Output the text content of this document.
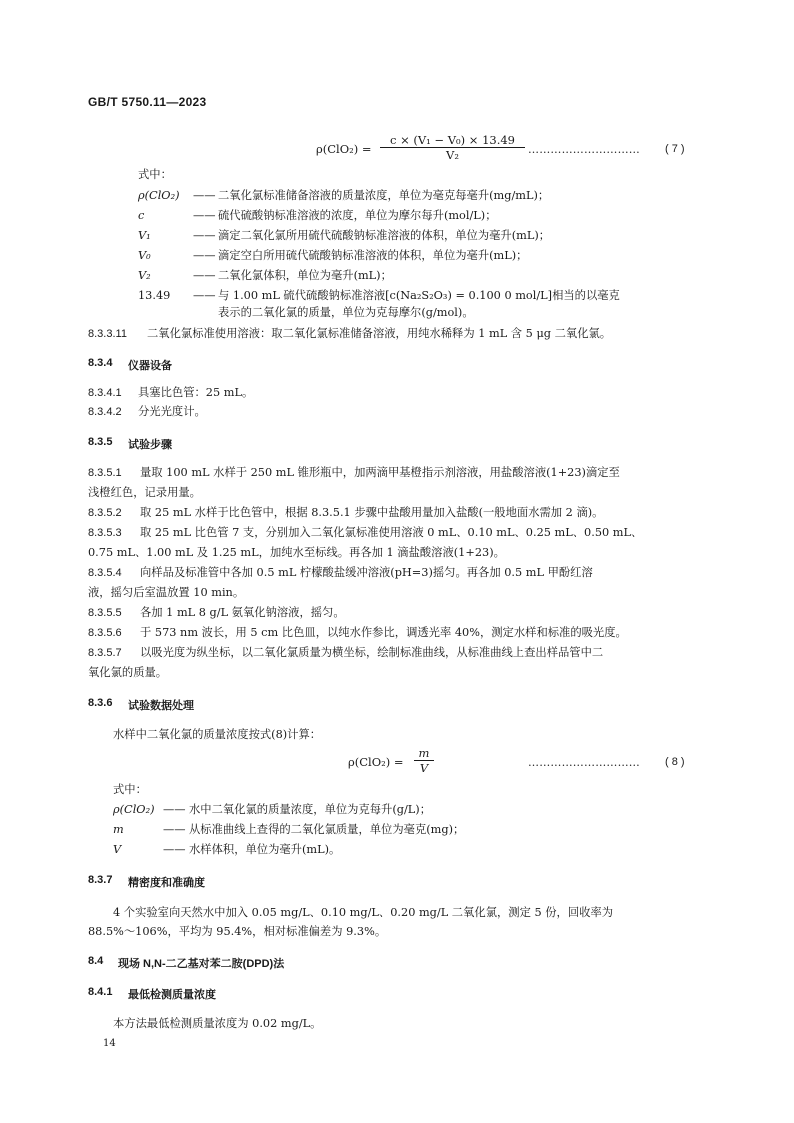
GB/T 5750.11—2023
ρ(ClO₂) =
c × (V₁ − V₀) × 13.49
V₂	………………………… ( 7 )
式中：
ρ(ClO₂) —— 二氧化氯标准储备溶液的质量浓度，单位为毫克每毫升(mg/mL)；
c	—— 硫代硫酸钠标准溶液的浓度，单位为摩尔每升(mol/L)；
V₁	—— 滴定二氧化氯所用硫代硫酸钠标准溶液的体积，单位为毫升(mL)；
V₀	—— 滴定空白所用硫代硫酸钠标准溶液的体积，单位为毫升(mL)；
V₂	—— 二氧化氯体积，单位为毫升(mL)；
13.49 —— 与 1.00 mL 硫代硫酸钠标准溶液[c(Na₂S₂O₃) = 0.100 0 mol/L]相当的以毫克
表示的二氧化氯的质量，单位为克每摩尔(g/mol)。
8.3.3.11 二氧化氯标准使用溶液：取二氧化氯标准储备溶液，用纯水稀释为 1 mL 含 5 μg 二氧化氯。
8.3.4 仪器设备
8.3.4.1 具塞比色管：25 mL。
8.3.4.2 分光光度计。
8.3.5 试验步骤
8.3.5.1 量取 100 mL 水样于 250 mL 锥形瓶中，加两滴甲基橙指示剂溶液，用盐酸溶液(1+23)滴定至
浅橙红色，记录用量。
8.3.5.2 取 25 mL 水样于比色管中，根据 8.3.5.1 步骤中盐酸用量加入盐酸(一般地面水需加 2 滴)。
8.3.5.3 取 25 mL 比色管 7 支，分别加入二氧化氯标准使用溶液 0 mL、0.10 mL、0.25 mL、0.50 mL、
0.75 mL、1.00 mL 及 1.25 mL，加纯水至标线。再各加 1 滴盐酸溶液(1+23)。
8.3.5.4 向样品及标准管中各加 0.5 mL 柠檬酸盐缓冲溶液(pH=3)摇匀。再各加 0.5 mL 甲酚红溶
液，摇匀后室温放置 10 min。
8.3.5.5 各加 1 mL 8 g/L 氨氧化钠溶液，摇匀。
8.3.5.6 于 573 nm 波长，用 5 cm 比色皿，以纯水作参比，调透光率 40%，测定水样和标准的吸光度。
8.3.5.7 以吸光度为纵坐标，以二氧化氯质量为横坐标，绘制标准曲线，从标准曲线上查出样品管中二
氧化氯的质量。
8.3.6 试验数据处理
水样中二氧化氯的质量浓度按式(8)计算：
ρ(ClO₂) =
m
V	………………………… ( 8 )
式中：
ρ(ClO₂) —— 水中二氧化氯的质量浓度，单位为克每升(g/L)；
m	—— 从标准曲线上查得的二氧化氯质量，单位为毫克(mg)；
V	—— 水样体积，单位为毫升(mL)。
8.3.7 精密度和准确度
4 个实验室向天然水中加入 0.05 mg/L、0.10 mg/L、0.20 mg/L 二氧化氯，测定 5 份，回收率为
88.5%～106%，平均为 95.4%，相对标准偏差为 9.3%。
8.4 现场 N,N-二乙基对苯二胺(DPD)法
8.4.1 最低检测质量浓度
本方法最低检测质量浓度为 0.02 mg/L。
14
